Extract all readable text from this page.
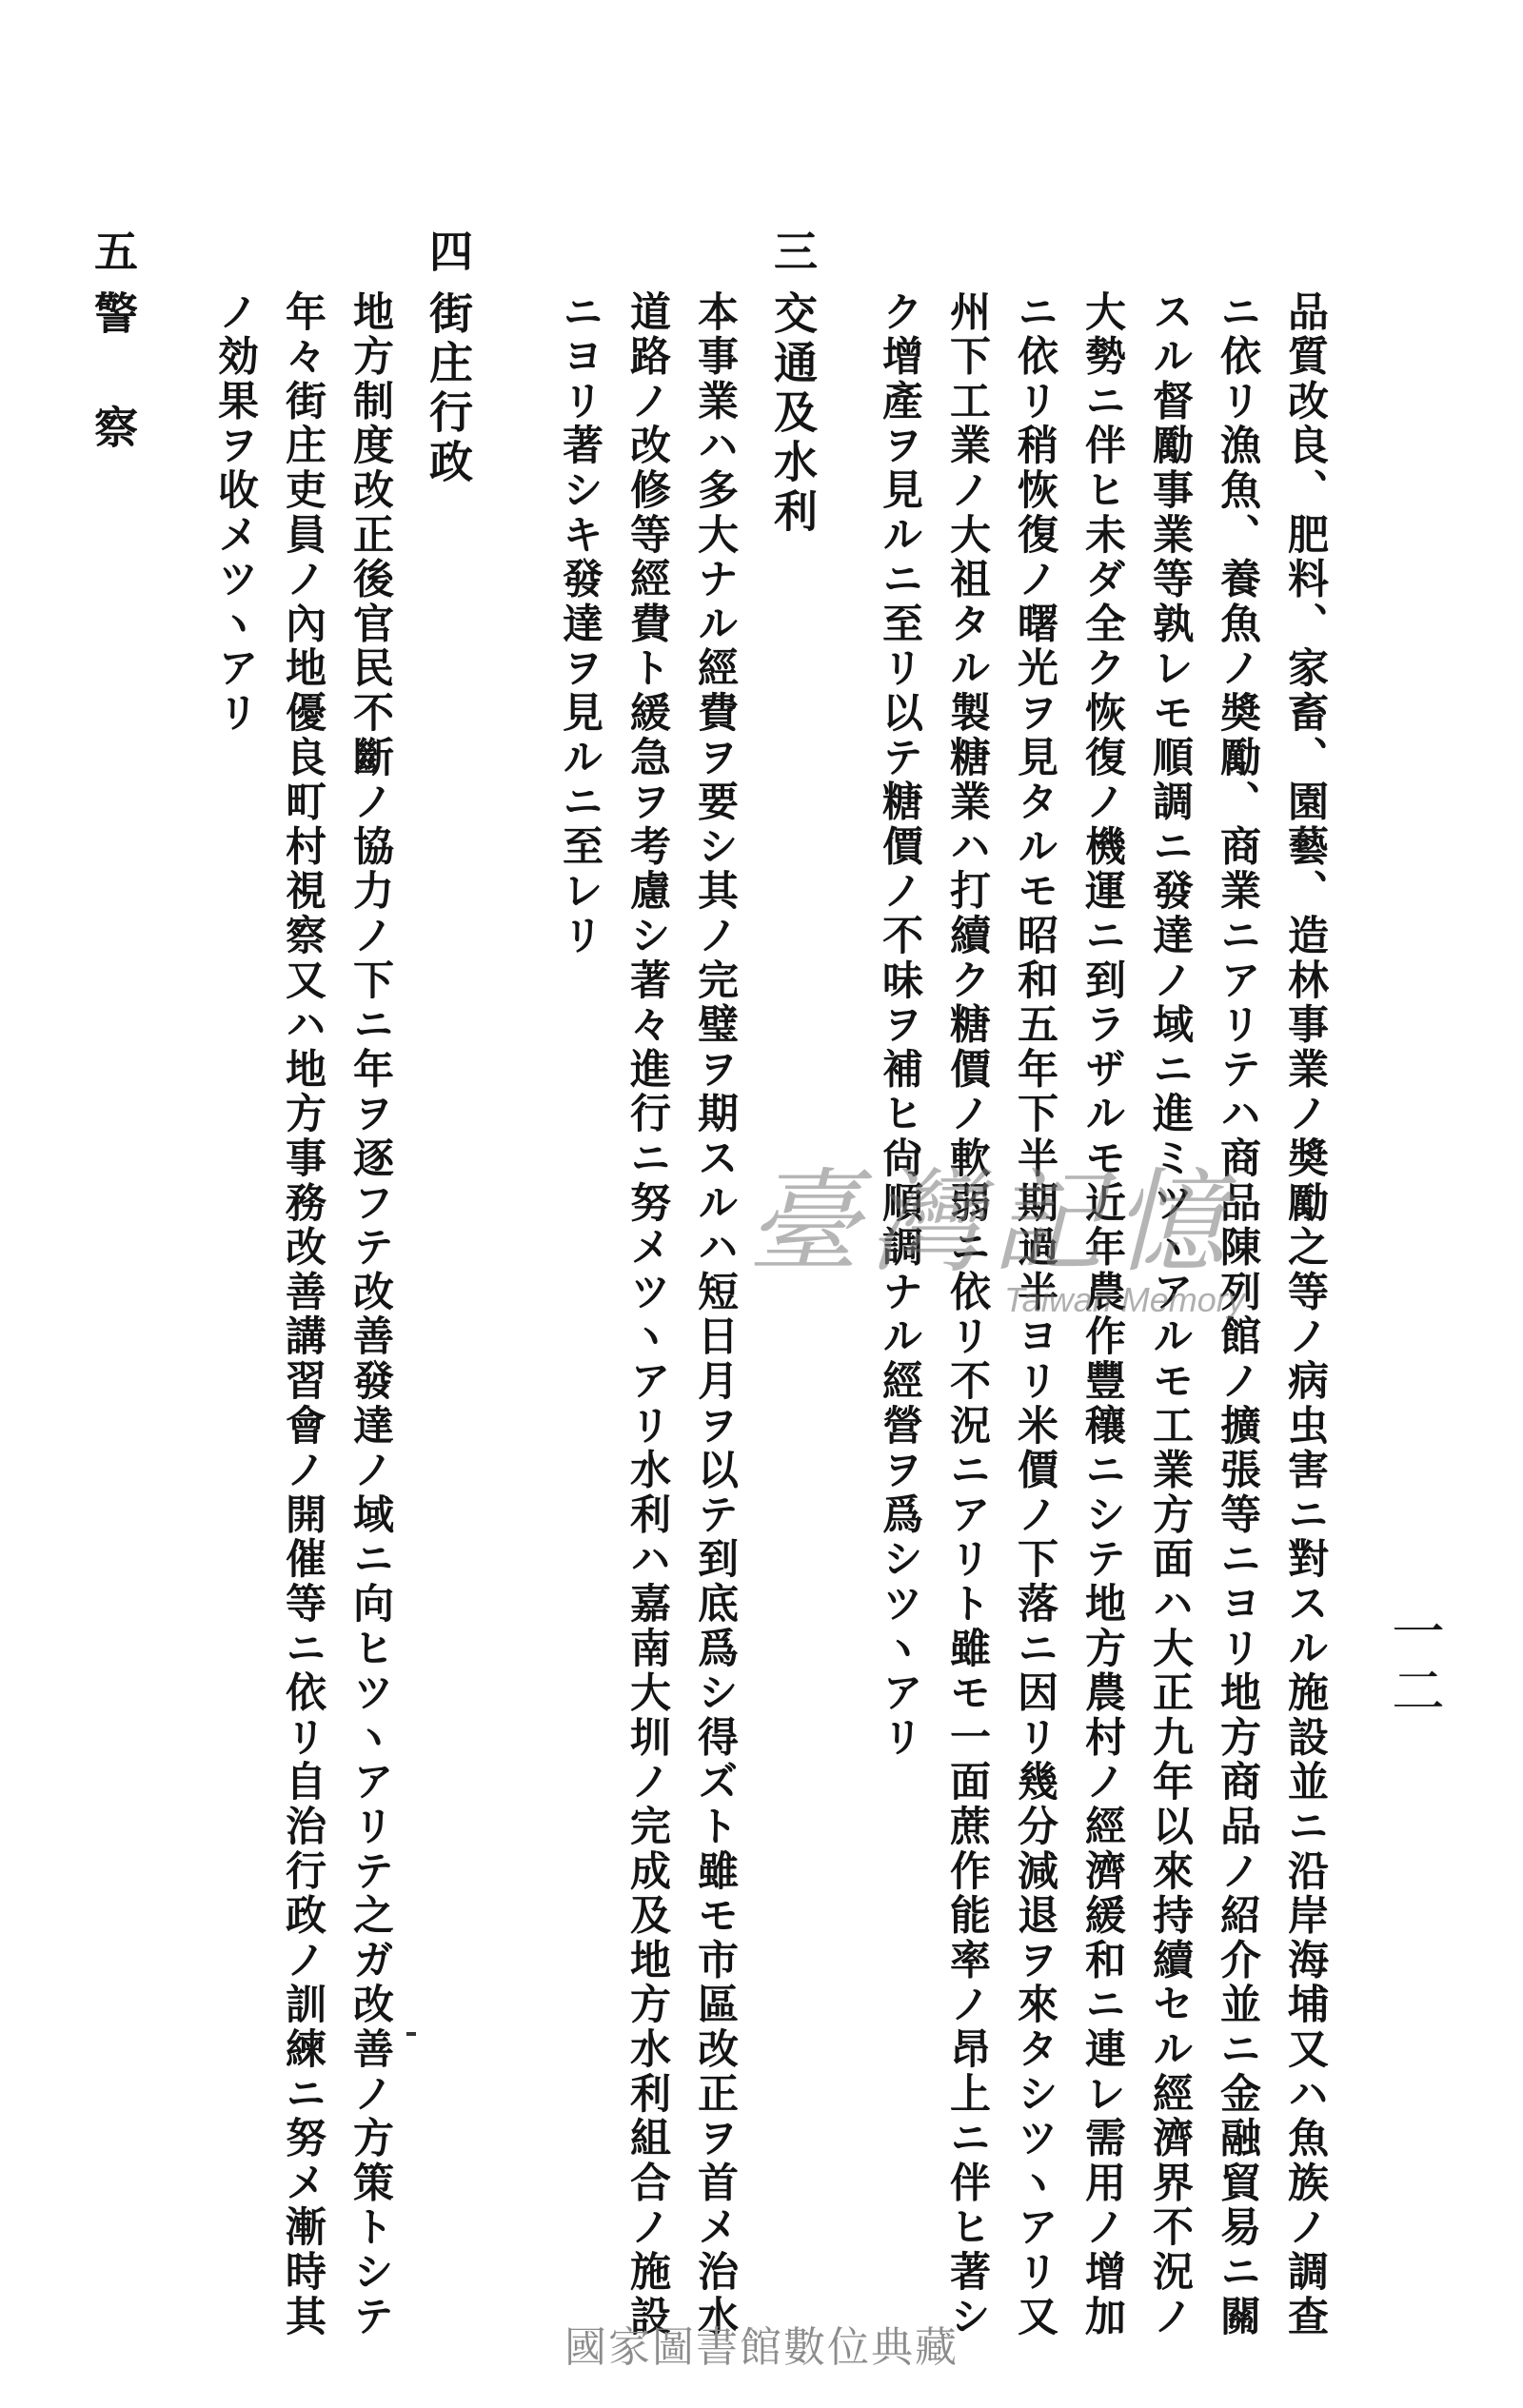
一二
品質改良、肥料、家畜、園藝、造林事業ノ奬勵之等ノ病虫害ニ對スル施設並ニ沿岸海埔又ハ魚族ノ調查
ニ依リ漁魚、養魚ノ奬勵、商業ニアリテハ商品陳列館ノ擴張等ニヨリ地方商品ノ紹介並ニ金融貿易ニ關
スル督勵事業等孰レモ順調ニ發達ノ域ニ進ミツヽアルモ工業方面ハ大正九年以來持續セル經濟界不況ノ
大勢ニ伴ヒ未ダ全ク恢復ノ機運ニ到ラザルモ近年農作豐穰ニシテ地方農村ノ經濟緩和ニ連レ需用ノ增加
ニ依リ稍恢復ノ曙光ヲ見タルモ昭和五年下半期過半ヨリ米價ノ下落ニ因リ幾分減退ヲ來タシツヽアリ又
州下工業ノ大祖タル製糖業ハ打續ク糖價ノ軟弱ニ依リ不況ニアリト雖モ一面蔗作能率ノ昂上ニ伴ヒ著シ
ク增產ヲ見ルニ至リ以テ糖價ノ不味ヲ補ヒ尙順調ナル經營ヲ爲シツヽアリ
三
交通及水利
本事業ハ多大ナル經費ヲ要シ其ノ完璧ヲ期スルハ短日月ヲ以テ到底爲シ得ズト雖モ市區改正ヲ首メ治水
道路ノ改修等經費ト緩急ヲ考慮シ著々進行ニ努メツヽアリ水利ハ嘉南大圳ノ完成及地方水利組合ノ施設
ニヨリ著シキ發達ヲ見ルニ至レリ
四
街庄行政
地方制度改正後官民不斷ノ協力ノ下ニ年ヲ逐フテ改善發達ノ域ニ向ヒツヽアリテ之ガ改善ノ方策トシテ
年々街庄吏員ノ內地優良町村視察又ハ地方事務改善講習會ノ開催等ニ依リ自治行政ノ訓練ニ努メ漸時其
ノ効果ヲ收メツヽアリ
五
警　察
臺灣記憶
Taiwan Memory
國家圖書館數位典藏
